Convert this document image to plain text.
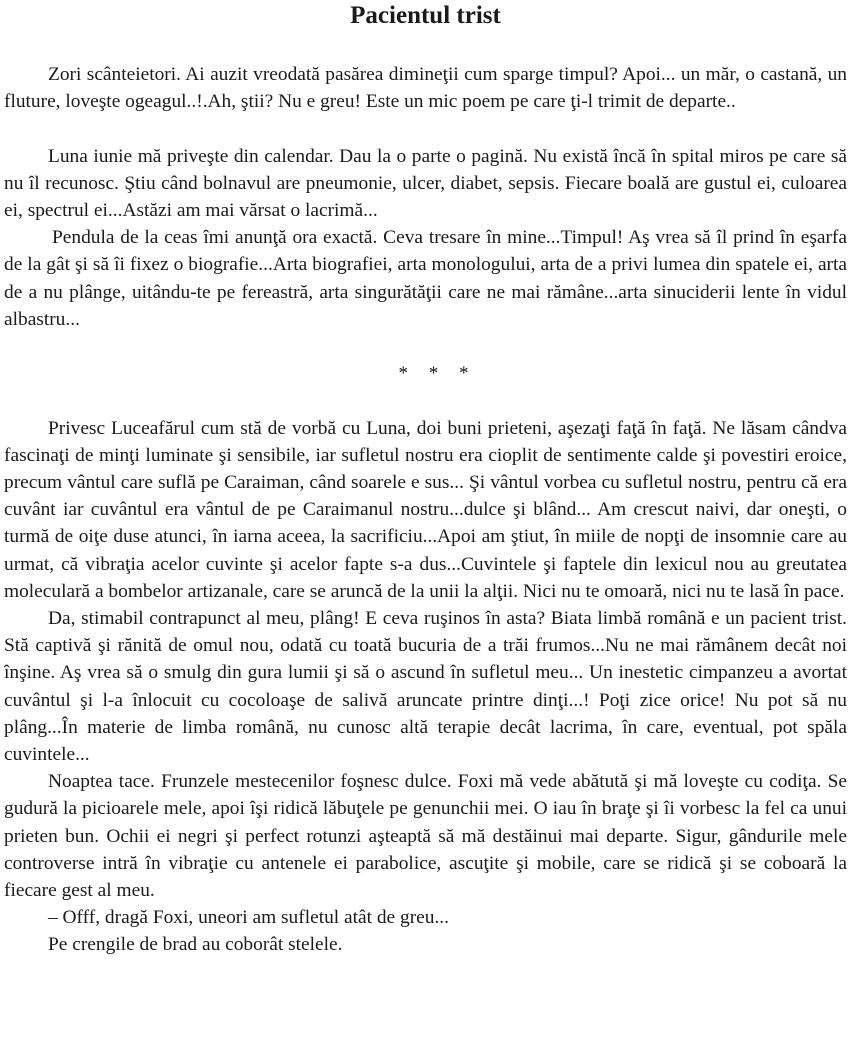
Pacientul trist

Zori scânteietori. Ai auzit vreodată pasărea dimineţii cum sparge timpul? Apoi... un măr, o castană, un fluture, loveşte ogeagul..!.Ah, ştii? Nu e greu! Este un mic poem pe care ţi-l trimit de departe..

Luna iunie mă priveşte din calendar. Dau la o parte o pagină. Nu există încă în spital miros pe care să nu îl recunosc. Ştiu când bolnavul are pneumonie, ulcer, diabet, sepsis. Fiecare boală are gustul ei, culoarea ei, spectrul ei...Astăzi am mai vărsat o lacrimă...

Pendula de la ceas îmi anunţă ora exactă. Ceva tresare în mine...Timpul! Aş vrea să îl prind în eşarfa de la gât şi să îi fixez o biografie...Arta biografiei, arta monologului, arta de a privi lumea din spatele ei, arta de a nu plânge, uitându-te pe fereastră, arta singurătăţii care ne mai rămâne...arta sinuciderii lente în vidul albastru...

* * *

Privesc Luceafărul cum stă de vorbă cu Luna, doi buni prieteni, aşezaţi faţă în faţă. Ne lăsam cândva fascinaţi de minţi luminate şi sensibile, iar sufletul nostru era cioplit de sentimente calde şi povestiri eroice, precum vântul care suflă pe Caraiman, când soarele e sus... Şi vântul vorbea cu sufletul nostru, pentru că era cuvânt iar cuvântul era vântul de pe Caraimanul nostru...dulce şi blând... Am crescut naivi, dar oneşti, o turmă de oiţe duse atunci, în iarna aceea, la sacrificiu...Apoi am ştiut, în miile de nopţi de insomnie care au urmat, că vibraţia acelor cuvinte şi acelor fapte s-a dus...Cuvintele şi faptele din lexicul nou au greutatea moleculară a bombelor artizanale, care se aruncă de la unii la alţii. Nici nu te omoară, nici nu te lasă în pace.

Da, stimabil contrapunct al meu, plâng! E ceva ruşinos în asta? Biata limbă română e un pacient trist. Stă captivă şi rănită de omul nou, odată cu toată bucuria de a trăi frumos...Nu ne mai rămânem decât noi înşine. Aş vrea să o smulg din gura lumii şi să o ascund în sufletul meu... Un inestetic cimpanzeu a avortat cuvântul şi l-a înlocuit cu cocoloaşe de salivă aruncate printre dinţi...! Poţi zice orice! Nu pot să nu plâng...În materie de limba română, nu cunosc altă terapie decât lacrima, în care, eventual, pot spăla cuvintele...

Noaptea tace. Frunzele mestecenilor foşnesc dulce. Foxi mă vede abătută şi mă loveşte cu codiţa. Se gudură la picioarele mele, apoi îşi ridică lăbuţele pe genunchii mei. O iau în braţe şi îi vorbesc la fel ca unui prieten bun. Ochii ei negri şi perfect rotunzi aşteaptă să mă destăinui mai departe. Sigur, gândurile mele controverse intră în vibraţie cu antenele ei parabolice, ascuţite şi mobile, care se ridică şi se coboară la fiecare gest al meu.

– Offf, dragă Foxi, uneori am sufletul atât de greu...

Pe crengile de brad au coborât stelele.
